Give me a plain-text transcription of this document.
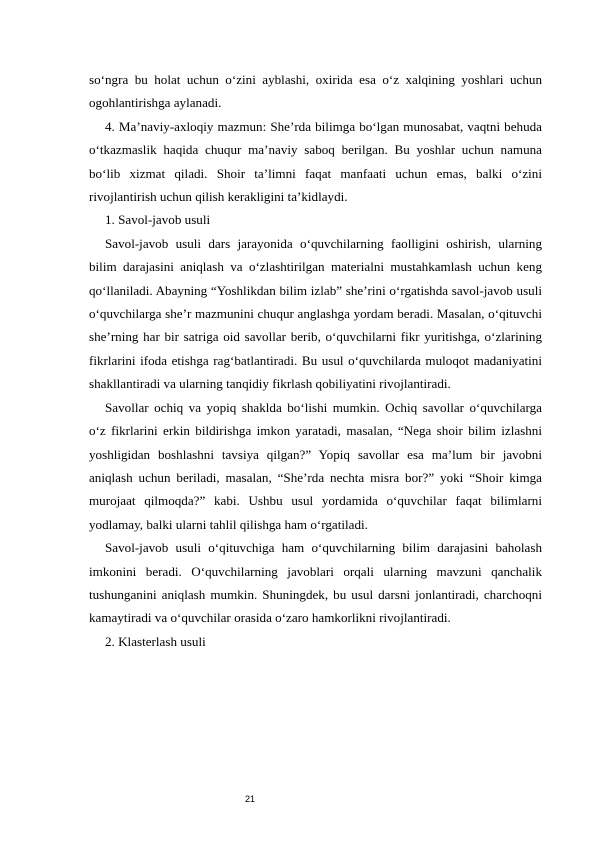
so‘ngra bu holat uchun o‘zini ayblashi, oxirida esa o‘z xalqining yoshlari uchun ogohlantirishga aylanadi.

4. Ma’naviy-axloqiy mazmun: She’rda bilimga bo‘lgan munosabat, vaqtni behuda o‘tkazmaslik haqida chuqur ma’naviy saboq berilgan. Bu yoshlar uchun namuna bo‘lib xizmat qiladi. Shoir ta’limni faqat manfaati uchun emas, balki o‘zini rivojlantirish uchun qilish kerakligini ta’kidlaydi.

1. Savol-javob usuli

Savol-javob usuli dars jarayonida o‘quvchilarning faolligini oshirish, ularning bilim darajasini aniqlash va o‘zlashtirilgan materialni mustahkamlash uchun keng qo‘llaniladi. Abayning “Yoshlikdan bilim izlab” she’rini o‘rgatishda savol-javob usuli o‘quvchilarga she’r mazmunini chuqur anglashga yordam beradi. Masalan, o‘qituvchi she’rning har bir satriga oid savollar berib, o‘quvchilarni fikr yuritishga, o‘zlarining fikrlarini ifoda etishga rag‘batlantiradi. Bu usul o‘quvchilarda muloqot madaniyatini shakllantiradi va ularning tanqidiy fikrlash qobiliyatini rivojlantiradi.

Savollar ochiq va yopiq shaklda bo‘lishi mumkin. Ochiq savollar o‘quvchilarga o‘z fikrlarini erkin bildirishga imkon yaratadi, masalan, “Nega shoir bilim izlashni yoshligidan boshlashni tavsiya qilgan?” Yopiq savollar esa ma’lum bir javobni aniqlash uchun beriladi, masalan, “She’rda nechta misra bor?” yoki “Shoir kimga murojaat qilmoqda?” kabi. Ushbu usul yordamida o‘quvchilar faqat bilimlarni yodlamay, balki ularni tahlil qilishga ham o‘rgatiladi.

Savol-javob usuli o‘qituvchiga ham o‘quvchilarning bilim darajasini baholash imkonini beradi. O‘quvchilarning javoblari orqali ularning mavzuni qanchalik tushunganini aniqlash mumkin. Shuningdek, bu usul darsni jonlantiradi, charchoqni kamaytiradi va o‘quvchilar orasida o‘zaro hamkorlikni rivojlantiradi.

2. Klasterlash usuli

21
